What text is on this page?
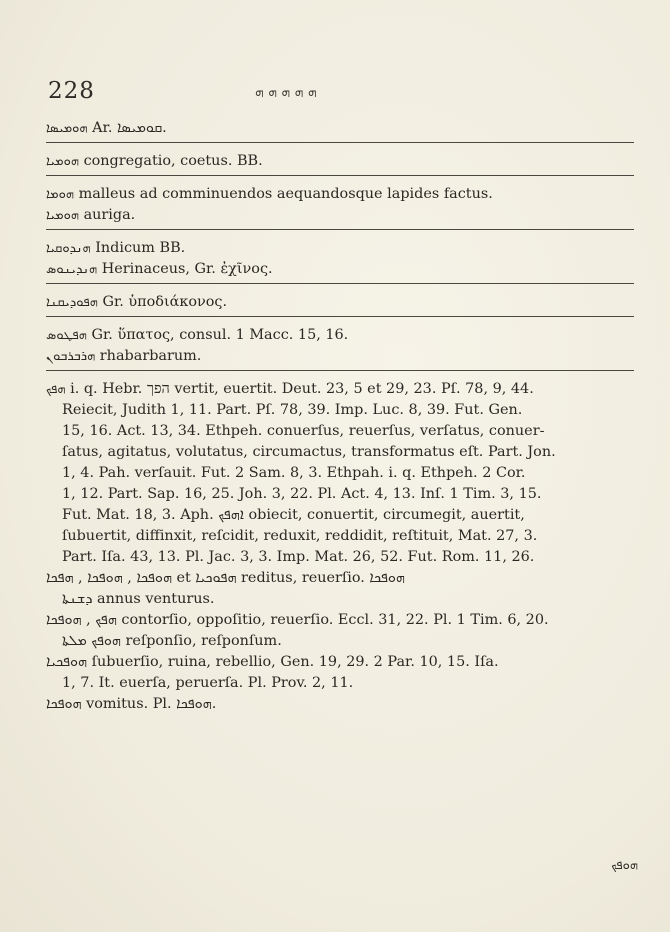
228	ܗ ܗ ܗ ܗ ܗ

ܗܘܡܝܣܐ Ar. ܩܘܡܝܣܐ.

ܗܘܡܝܐ congregatio, coetus. BB.

ܗܘܡܐ malleus ad comminuendos aequandosque lapides factus.

ܗܘܡܝܐ auriga.

ܗܢܕܘܩܝܐ Indicum BB.

ܗܢܕܝܢܘܣ Herinaceus, Gr. ἐχῖνος.

ܗܦܘܕܝܩܢܐ Gr. ὑποδιάκονος.

ܗܦܛܘܣ Gr. ὕπατος, consul. 1 Macc. 15, 16.

ܗܪܒܪܒܘܢ rhabarbarum.

ܗܦܟ i. q. Hebr. הפך vertit, euertit. Deut. 23, 5 et 29, 23. Pſ. 78, 9, 44.
Reiecit, Judith 1, 11. Part. Pſ. 78, 39. Imp. Luc. 8, 39. Fut. Gen.
15, 16. Act. 13, 34. Ethpeh. conuerſus, reuerſus, verſatus, conuer-
ſatus, agitatus, volutatus, circumactus, transformatus eſt. Part. Jon.
1, 4. Pah. verſauit. Fut. 2 Sam. 8, 3. Ethpah. i. q. Ethpeh. 2 Cor.
1, 12. Part. Sap. 16, 25. Joh. 3, 22. Pl. Act. 4, 13. Inſ. 1 Tim. 3, 15.
Fut. Mat. 18, 3. Aph. ܐܗܦܟ obiecit, conuertit, circumegit, auertit,
ſubuertit, diffinxit, reſcidit, reduxit, reddidit, reſtituit, Mat. 27, 3.
Part. Iſa. 43, 13. Pl. Jac. 3, 3. Imp. Mat. 26, 52. Fut. Rom. 11, 26.
ܗܘܦܟܐ , ܗܘܦܟܐ , ܗܦܟܐ et ܗܦܘܟܝܐ reditus, reuerſio. ܗܘܦܟܐ
ܕܫܢܬܐ annus venturus.
ܗܦܟ , ܗܘܦܟܐ contorſio, oppoſitio, reuerſio. Eccl. 31, 22. Pl. 1 Tim. 6, 20.
ܗܘܦܟ ܡܠܬܐ reſponſio, reſponſum.
ܗܘܦܟܝܐ ſubuerſio, ruina, rebellio, Gen. 19, 29. 2 Par. 10, 15. Iſa.
1, 7. It. euerſa, peruerſa. Pl. Prov. 2, 11.
ܗܘܦܟܐ vomitus. Pl. ܗܘܦܟܐ.
ܗܘܦܟ
